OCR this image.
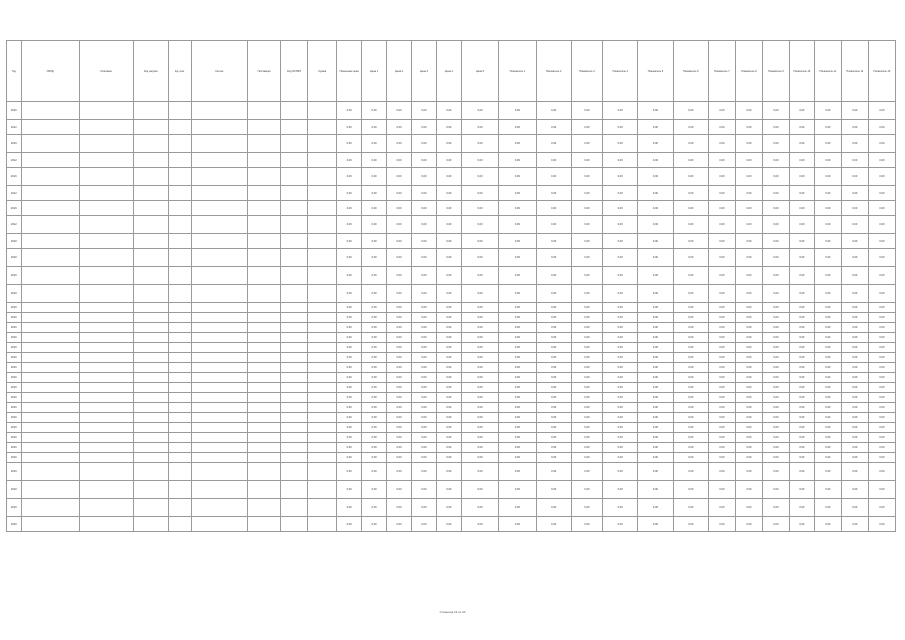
Год	ОКПД	Описание	Код закупки	Ед. изм.	Кол-во	Поставщик	Код ОКТМО	Сумма	Начальная цена	Цена 1	Цена 2	Цена 3	Цена 4	Цена 5	Показатель 1	Показатель 2	Показатель 3	Показатель 4	Показатель 5	Показатель 6	Показатель 7	Показатель 8	Показатель 9	Показатель 10	Показатель 11	Показатель 12	Показатель 13
2016									0,00	0,00	0,00	0,00	0,00	0,00	0,00	0,00	0,00	0,00	0,00	0,00	0,00	0,00	0,00	0,00	0,00	0,00	0,00
2012									0,00	0,00	0,00	0,00	0,00	0,00	0,00	0,00	0,00	0,00	0,00	0,00	0,00	0,00	0,00	0,00	0,00	0,00	0,00
2016									0,00	0,00	0,00	0,00	0,00	0,00	0,00	0,00	0,00	0,00	0,00	0,00	0,00	0,00	0,00	0,00	0,00	0,00	0,00
2012									0,00	0,00	0,00	0,00	0,00	0,00	0,00	0,00	0,00	0,00	0,00	0,00	0,00	0,00	0,00	0,00	0,00	0,00	0,00
2016									0,00	0,00	0,00	0,00	0,00	0,00	0,00	0,00	0,00	0,00	0,00	0,00	0,00	0,00	0,00	0,00	0,00	0,00	0,00
2012									0,00	0,00	0,00	0,00	0,00	0,00	0,00	0,00	0,00	0,00	0,00	0,00	0,00	0,00	0,00	0,00	0,00	0,00	0,00
2016									0,00	0,00	0,00	0,00	0,00	0,00	0,00	0,00	0,00	0,00	0,00	0,00	0,00	0,00	0,00	0,00	0,00	0,00	0,00
2012									0,00	0,00	0,00	0,00	0,00	0,00	0,00	0,00	0,00	0,00	0,00	0,00	0,00	0,00	0,00	0,00	0,00	0,00	0,00
2016									0,00	0,00	0,00	0,00	0,00	0,00	0,00	0,00	0,00	0,00	0,00	0,00	0,00	0,00	0,00	0,00	0,00	0,00	0,00
2016									0,00	0,00	0,00	0,00	0,00	0,00	0,00	0,00	0,00	0,00	0,00	0,00	0,00	0,00	0,00	0,00	0,00	0,00	0,00
2016									0,00	0,00	0,00	0,00	0,00	0,00	0,00	0,00	0,00	0,00	0,00	0,00	0,00	0,00	0,00	0,00	0,00	0,00	0,00
2016									0,00	0,00	0,00	0,00	0,00	0,00	0,00	0,00	0,00	0,00	0,00	0,00	0,00	0,00	0,00	0,00	0,00	0,00	0,00
2016									0,00	0,00	0,00	0,00	0,00	0,00	0,00	0,00	0,00	0,00	0,00	0,00	0,00	0,00	0,00	0,00	0,00	0,00	0,00
2016									0,00	0,00	0,00	0,00	0,00	0,00	0,00	0,00	0,00	0,00	0,00	0,00	0,00	0,00	0,00	0,00	0,00	0,00	0,00
2016									0,00	0,00	0,00	0,00	0,00	0,00	0,00	0,00	0,00	0,00	0,00	0,00	0,00	0,00	0,00	0,00	0,00	0,00	0,00
2016									0,00	0,00	0,00	0,00	0,00	0,00	0,00	0,00	0,00	0,00	0,00	0,00	0,00	0,00	0,00	0,00	0,00	0,00	0,00
2016									0,00	0,00	0,00	0,00	0,00	0,00	0,00	0,00	0,00	0,00	0,00	0,00	0,00	0,00	0,00	0,00	0,00	0,00	0,00
2016									0,00	0,00	0,00	0,00	0,00	0,00	0,00	0,00	0,00	0,00	0,00	0,00	0,00	0,00	0,00	0,00	0,00	0,00	0,00
2016									0,00	0,00	0,00	0,00	0,00	0,00	0,00	0,00	0,00	0,00	0,00	0,00	0,00	0,00	0,00	0,00	0,00	0,00	0,00
2016									0,00	0,00	0,00	0,00	0,00	0,00	0,00	0,00	0,00	0,00	0,00	0,00	0,00	0,00	0,00	0,00	0,00	0,00	0,00
2016									0,00	0,00	0,00	0,00	0,00	0,00	0,00	0,00	0,00	0,00	0,00	0,00	0,00	0,00	0,00	0,00	0,00	0,00	0,00
2016									0,00	0,00	0,00	0,00	0,00	0,00	0,00	0,00	0,00	0,00	0,00	0,00	0,00	0,00	0,00	0,00	0,00	0,00	0,00
2016									0,00	0,00	0,00	0,00	0,00	0,00	0,00	0,00	0,00	0,00	0,00	0,00	0,00	0,00	0,00	0,00	0,00	0,00	0,00
2016									0,00	0,00	0,00	0,00	0,00	0,00	0,00	0,00	0,00	0,00	0,00	0,00	0,00	0,00	0,00	0,00	0,00	0,00	0,00
2016									0,00	0,00	0,00	0,00	0,00	0,00	0,00	0,00	0,00	0,00	0,00	0,00	0,00	0,00	0,00	0,00	0,00	0,00	0,00
2016									0,00	0,00	0,00	0,00	0,00	0,00	0,00	0,00	0,00	0,00	0,00	0,00	0,00	0,00	0,00	0,00	0,00	0,00	0,00
2016									0,00	0,00	0,00	0,00	0,00	0,00	0,00	0,00	0,00	0,00	0,00	0,00	0,00	0,00	0,00	0,00	0,00	0,00	0,00
2016									0,00	0,00	0,00	0,00	0,00	0,00	0,00	0,00	0,00	0,00	0,00	0,00	0,00	0,00	0,00	0,00	0,00	0,00	0,00
2016									0,00	0,00	0,00	0,00	0,00	0,00	0,00	0,00	0,00	0,00	0,00	0,00	0,00	0,00	0,00	0,00	0,00	0,00	0,00
2016									0,00	0,00	0,00	0,00	0,00	0,00	0,00	0,00	0,00	0,00	0,00	0,00	0,00	0,00	0,00	0,00	0,00	0,00	0,00
2016									0,00	0,00	0,00	0,00	0,00	0,00	0,00	0,00	0,00	0,00	0,00	0,00	0,00	0,00	0,00	0,00	0,00	0,00	0,00
2016									0,00	0,00	0,00	0,00	0,00	0,00	0,00	0,00	0,00	0,00	0,00	0,00	0,00	0,00	0,00	0,00	0,00	0,00	0,00
Страница 19 из 20
